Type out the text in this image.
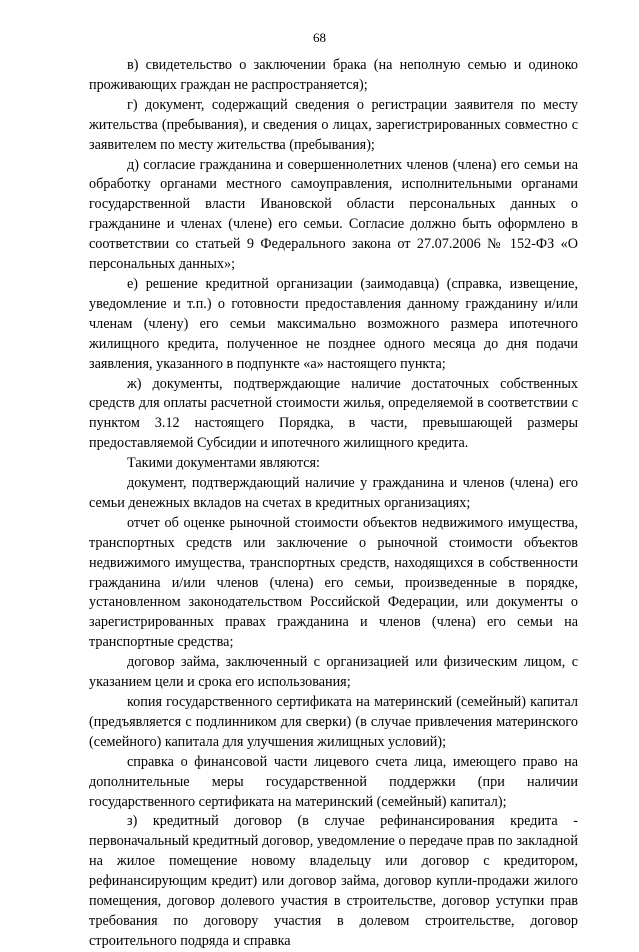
68

в) свидетельство о заключении брака (на неполную семью и одиноко проживающих граждан не распространяется);

г) документ, содержащий сведения о регистрации заявителя по месту жительства (пребывания), и сведения о лицах, зарегистрированных совместно с заявителем по месту жительства (пребывания);

д) согласие гражданина и совершеннолетних членов (члена) его семьи на обработку органами местного самоуправления, исполнительными органами государственной власти Ивановской области персональных данных о гражданине и членах (члене) его семьи. Согласие должно быть оформлено в соответствии со статьей 9 Федерального закона от 27.07.2006 № 152-ФЗ «О персональных данных»;

е) решение кредитной организации (заимодавца) (справка, извещение, уведомление и т.п.) о готовности предоставления данному гражданину и/или членам (члену) его семьи максимально возможного размера ипотечного жилищного кредита, полученное не позднее одного месяца до дня подачи заявления, указанного в подпункте «а» настоящего пункта;

ж) документы, подтверждающие наличие достаточных собственных средств для оплаты расчетной стоимости жилья, определяемой в соответствии с пунктом 3.12 настоящего Порядка, в части, превышающей размеры предоставляемой Субсидии и ипотечного жилищного кредита.

Такими документами являются:

документ, подтверждающий наличие у гражданина и членов (члена) его семьи денежных вкладов на счетах в кредитных организациях;

отчет об оценке рыночной стоимости объектов недвижимого имущества, транспортных средств или заключение о рыночной стоимости объектов недвижимого имущества, транспортных средств, находящихся в собственности гражданина и/или членов (члена) его семьи, произведенные в порядке, установленном законодательством Российской Федерации, или документы о зарегистрированных правах гражданина и членов (члена) его семьи на транспортные средства;

договор займа, заключенный с организацией или физическим лицом, с указанием цели и срока его использования;

копия государственного сертификата на материнский (семейный) капитал (предъявляется с подлинником для сверки) (в случае привлечения материнского (семейного) капитала для улучшения жилищных условий);

справка о финансовой части лицевого счета лица, имеющего право на дополнительные меры государственной поддержки (при наличии государственного сертификата на материнский (семейный) капитал);

з) кредитный договор (в случае рефинансирования кредита - первоначальный кредитный договор, уведомление о передаче прав по закладной на жилое помещение новому владельцу или договор с кредитором, рефинансирующим кредит) или договор займа, договор купли-продажи жилого помещения, договор долевого участия в строительстве, договор уступки прав требования по договору участия в долевом строительстве, договор строительного подряда и справка
